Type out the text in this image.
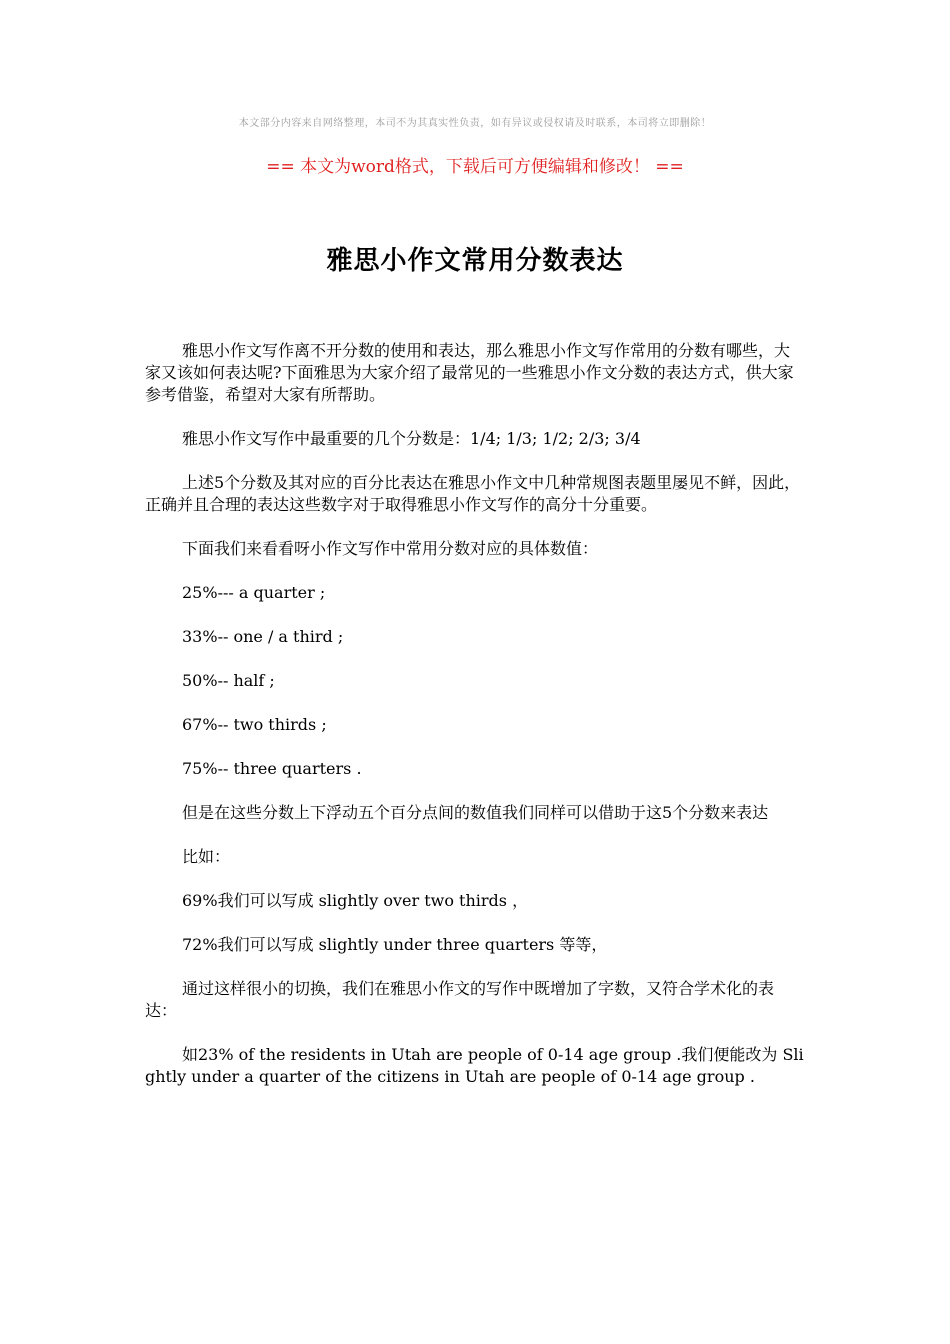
本文部分内容来自网络整理，本司不为其真实性负责，如有异议或侵权请及时联系，本司将立即删除！
== 本文为word格式，下载后可方便编辑和修改！ ==
雅思小作文常用分数表达

雅思小作文写作离不开分数的使用和表达，那么雅思小作文写作常用的分数有哪些，大家又该如何表达呢?下面雅思为大家介绍了最常见的一些雅思小作文分数的表达方式，供大家参考借鉴，希望对大家有所帮助。

雅思小作文写作中最重要的几个分数是：1/4; 1/3; 1/2; 2/3; 3/4

上述5个分数及其对应的百分比表达在雅思小作文中几种常规图表题里屡见不鲜，因此，正确并且合理的表达这些数字对于取得雅思小作文写作的高分十分重要。

下面我们来看看呀小作文写作中常用分数对应的具体数值：

25%--- a quarter ;

33%-- one / a third ;

50%-- half ;

67%-- two thirds ;

75%-- three quarters .

但是在这些分数上下浮动五个百分点间的数值我们同样可以借助于这5个分数来表达

比如：

69%我们可以写成 slightly over two thirds ，

72%我们可以写成 slightly under three quarters 等等，

通过这样很小的切换，我们在雅思小作文的写作中既增加了字数，又符合学术化的表达：

如23% of the residents in Utah are people of 0-14 age group .我们便能改为 Slightly under a quarter of the citizens in Utah are people of 0-14 age group .
